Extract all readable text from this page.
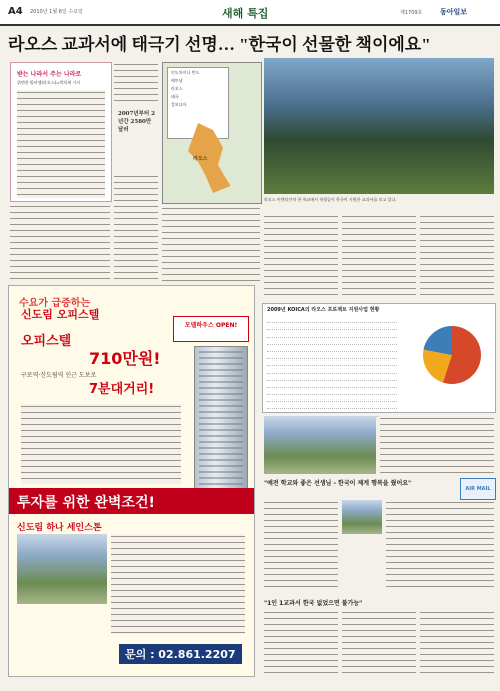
A4 2010년 1월 6일 수요일	새해 특집	제1709호	동아일보
라오스 교과서에 태극기 선명… "한국이 선물한 책이에요"
받는 나라서 주는 나라로
위엔찬·방비엥(라오스)=박희제 기자
2007년부터 2년간 2580만 달러
인도차이나 반도
베트남
라오스
태국
캄보디아
라오스
라오스 비엔티안의 한 학교에서 학생들이 한국이 지원한 교과서를 보고 있다.
2009년 KOICA의 라오스 프로젝트 지원사업 현황
"예전 학교와 좋은 선생님 - 한국이 제게 행복을 줬어요"
AIR MAIL
"1인 1교과서 한국 없었으면 불가능"
수요가 급증하는
신도림 오피스텔
오피스텔
710만원!
구로역·신도림역 인근 도보로
7분대거리!
모델하우스 OPEN!
투자를 위한 완벽조건!
신도림 하나 세인스톤
문의 : 02.861.2207
